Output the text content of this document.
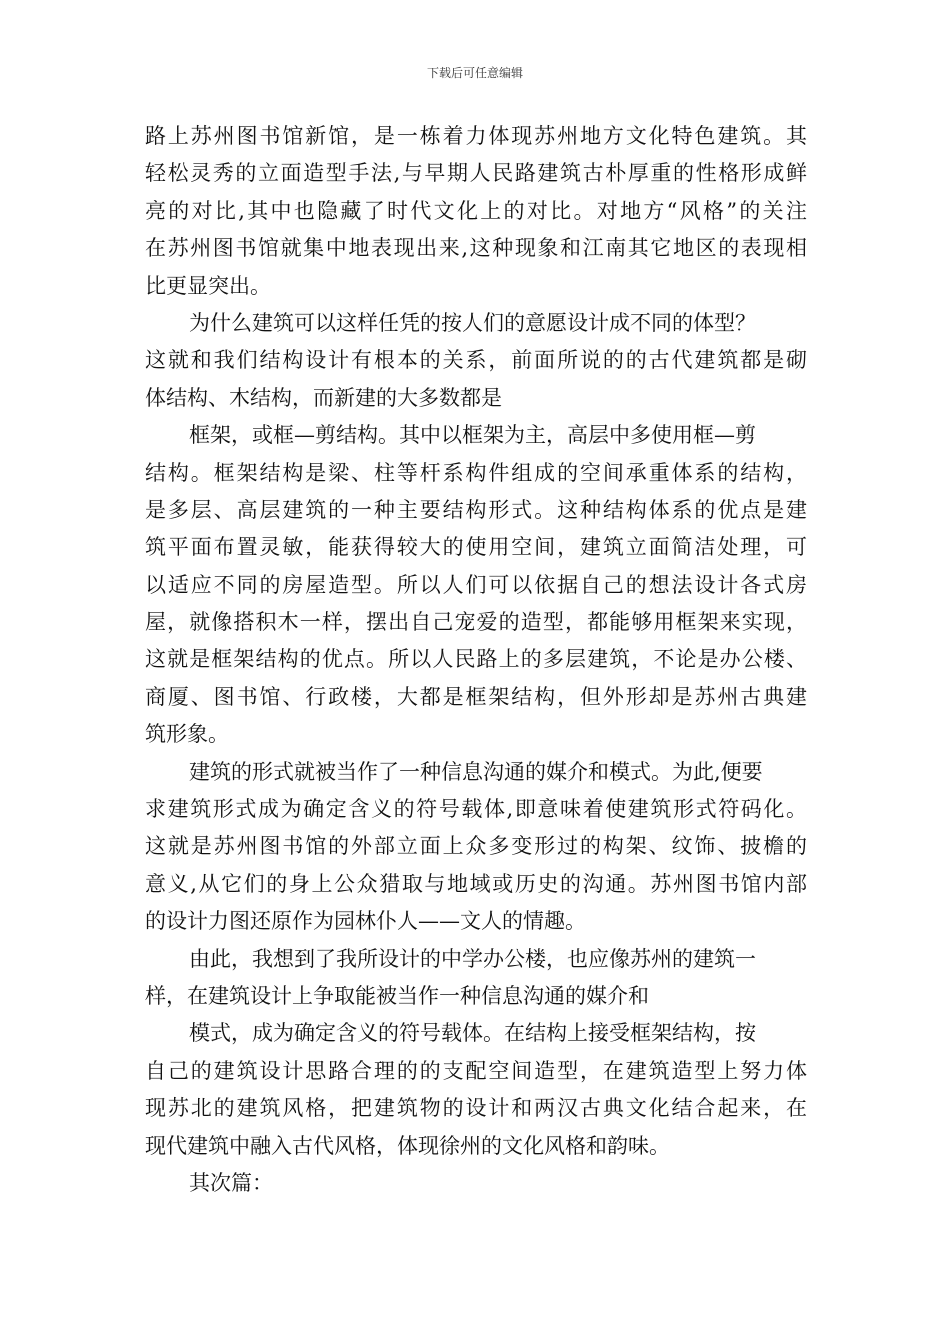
下载后可任意编辑
路上苏州图书馆新馆，是一栋着力体现苏州地方文化特色建筑。其
轻松灵秀的立面造型手法,与早期人民路建筑古朴厚重的性格形成鲜
亮的对比,其中也隐藏了时代文化上的对比。对地方“风格”的关注
在苏州图书馆就集中地表现出来,这种现象和江南其它地区的表现相
比更显突出。
为什么建筑可以这样任凭的按人们的意愿设计成不同的体型？
这就和我们结构设计有根本的关系，前面所说的的古代建筑都是砌
体结构、木结构，而新建的大多数都是
框架，或框—剪结构。其中以框架为主，高层中多使用框—剪
结构。框架结构是梁、柱等杆系构件组成的空间承重体系的结构，
是多层、高层建筑的一种主要结构形式。这种结构体系的优点是建
筑平面布置灵敏，能获得较大的使用空间，建筑立面简洁处理，可
以适应不同的房屋造型。所以人们可以依据自己的想法设计各式房
屋，就像搭积木一样，摆出自己宠爱的造型，都能够用框架来实现，
这就是框架结构的优点。所以人民路上的多层建筑，不论是办公楼、
商厦、图书馆、行政楼，大都是框架结构，但外形却是苏州古典建
筑形象。
建筑的形式就被当作了一种信息沟通的媒介和模式。为此,便要
求建筑形式成为确定含义的符号载体,即意味着使建筑形式符码化。
这就是苏州图书馆的外部立面上众多变形过的构架、纹饰、披檐的
意义,从它们的身上公众猎取与地域或历史的沟通。苏州图书馆内部
的设计力图还原作为园林仆人——文人的情趣。
由此，我想到了我所设计的中学办公楼，也应像苏州的建筑一
样，在建筑设计上争取能被当作一种信息沟通的媒介和
模式，成为确定含义的符号载体。在结构上接受框架结构，按
自己的建筑设计思路合理的的支配空间造型，在建筑造型上努力体
现苏北的建筑风格，把建筑物的设计和两汉古典文化结合起来，在
现代建筑中融入古代风格，体现徐州的文化风格和韵味。
其次篇：
